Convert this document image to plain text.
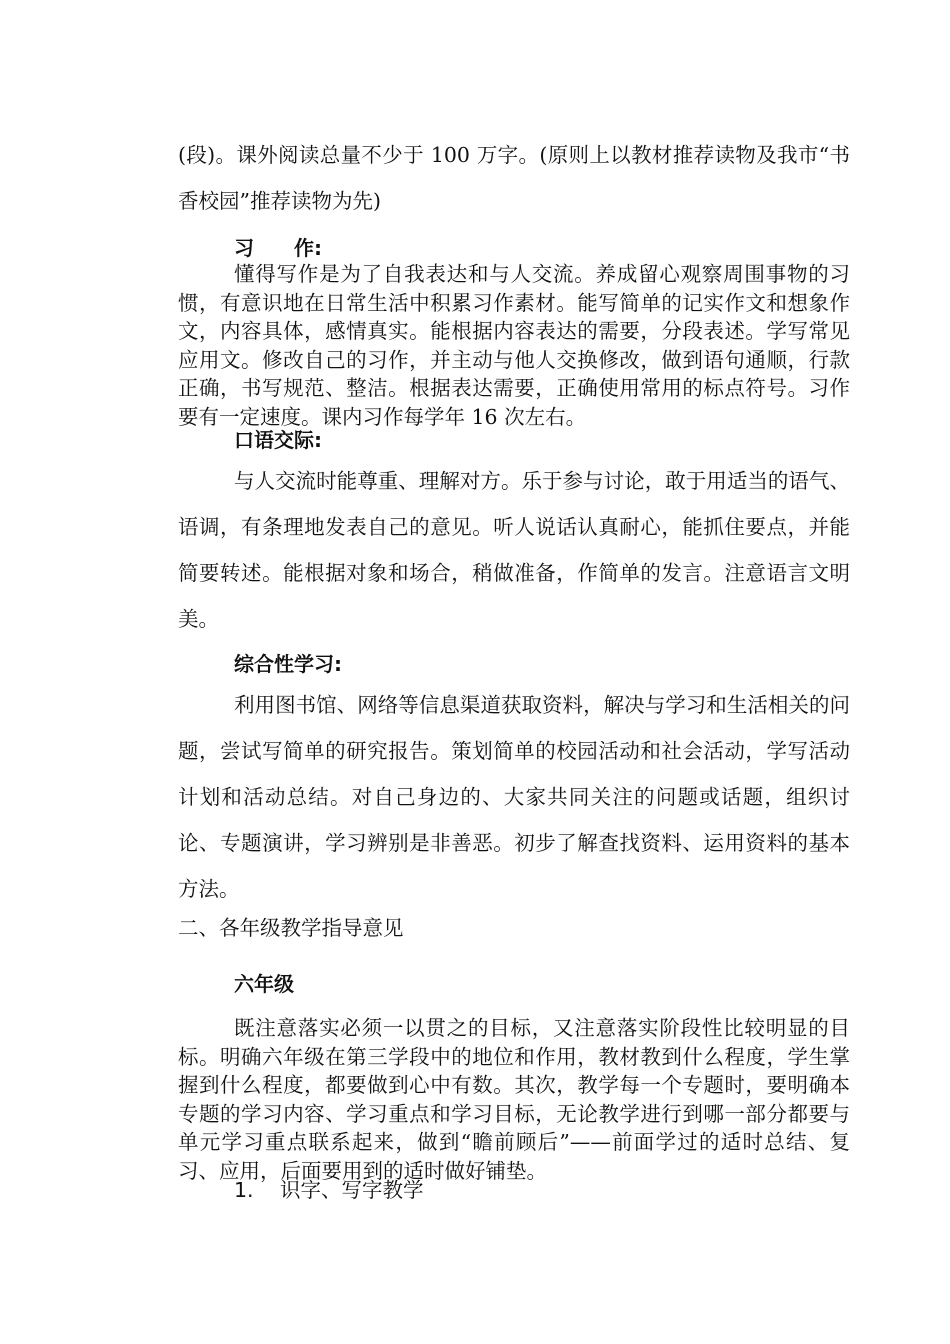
(段)。课外阅读总量不少于 100 万字。(原则上以教材推荐读物及我市“书香校园”推荐读物为先)

习　　作:

懂得写作是为了自我表达和与人交流。养成留心观察周围事物的习惯，有意识地在日常生活中积累习作素材。能写简单的记实作文和想象作文，内容具体，感情真实。能根据内容表达的需要，分段表述。学写常见应用文。修改自己的习作，并主动与他人交换修改，做到语句通顺，行款正确，书写规范、整洁。根据表达需要，正确使用常用的标点符号。习作要有一定速度。课内习作每学年 16 次左右。

口语交际:

与人交流时能尊重、理解对方。乐于参与讨论，敢于用适当的语气、语调，有条理地发表自己的意见。听人说话认真耐心，能抓住要点，并能简要转述。能根据对象和场合，稍做准备，作简单的发言。注意语言文明美。

综合性学习:

利用图书馆、网络等信息渠道获取资料，解决与学习和生活相关的问题，尝试写简单的研究报告。策划简单的校园活动和社会活动，学写活动计划和活动总结。对自己身边的、大家共同关注的问题或话题，组织讨论、专题演讲，学习辨别是非善恶。初步了解查找资料、运用资料的基本方法。

二、各年级教学指导意见
六年级

既注意落实必须一以贯之的目标，又注意落实阶段性比较明显的目标。明确六年级在第三学段中的地位和作用，教材教到什么程度，学生掌握到什么程度，都要做到心中有数。其次，教学每一个专题时，要明确本专题的学习内容、学习重点和学习目标，无论教学进行到哪一部分都要与单元学习重点联系起来，做到“瞻前顾后”——前面学过的适时总结、复习、应用，后面要用到的适时做好铺垫。

1. 识字、写字教学
